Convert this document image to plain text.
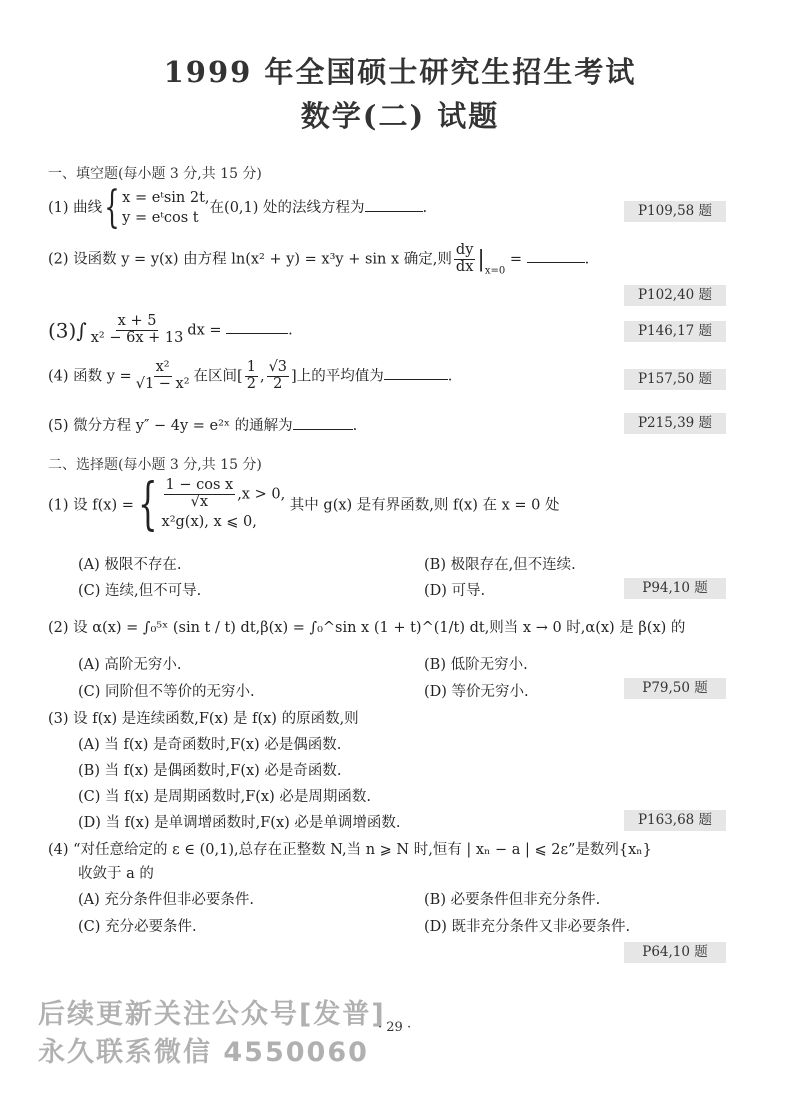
1999 年全国硕士研究生招生考试
数学(二) 试题
一、填空题(每小题 3 分,共 15 分)
(1) 曲线{ x = eᵗsin 2t,
y = eᵗcos t
在(0,1) 处的法线方程为	.	P109,58 题
(2) 设函数 y = y(x) 由方程 ln(x² + y) = x³y + sin x 确定,则 $\frac{dy}{dx} |_{x=0}$ =	.
P102,40 题
$(3)\int \frac{x + 5}{\text{x² − 6x + 13}}$ dx =	.	P146,17 题
(4) 函数 $y = \frac{\text{x²}}{\text{√1 − x²}}$ 在区间[ $\frac{1}{2}$ , $\frac{√3}{2}$ ]上的平均值为	.	P157,50 题
(5) 微分方程 y″ − 4y = e²ˣ 的通解为	.	P215,39 题
二、选择题(每小题 3 分,共 15 分)
(1) 设 f(x) ={ $\frac{\text{1 − cos x}}{√x} ,x > 0$,
x²g(x), x ⩽ 0,
其中 g(x) 是有界函数,则 f(x) 在 x = 0 处
(A) 极限不存在.	(B) 极限存在,但不连续.
(C) 连续,但不可导.	(D) 可导.	P94,10 题
(2) 设 α(x) = ∫₀⁵ˣ (sin t / t) dt,β(x) = ∫₀^sin x (1 + t)^(1/t) dt,则当 x → 0 时,α(x) 是 β(x) 的
(A) 高阶无穷小.	(B) 低阶无穷小.
(C) 同阶但不等价的无穷小.	(D) 等价无穷小.	P79,50 题
(3) 设 f(x) 是连续函数,F(x) 是 f(x) 的原函数,则
(A) 当 f(x) 是奇函数时,F(x) 必是偶函数.
(B) 当 f(x) 是偶函数时,F(x) 必是奇函数.
(C) 当 f(x) 是周期函数时,F(x) 必是周期函数.
(D) 当 f(x) 是单调增函数时,F(x) 必是单调增函数.	P163,68 题
(4) “对任意给定的 ε ∈ (0,1),总存在正整数 N,当 n ⩾ N 时,恒有 | xₙ − a | ⩽ 2ε”是数列{xₙ}
收敛于 a 的
(A) 充分条件但非必要条件.	(B) 必要条件但非充分条件.
(C) 充分必要条件.	(D) 既非充分条件又非必要条件.
P64,10 题
后续更新关注公众号[发普]
· 29 ·
永久联系微信 4550060
